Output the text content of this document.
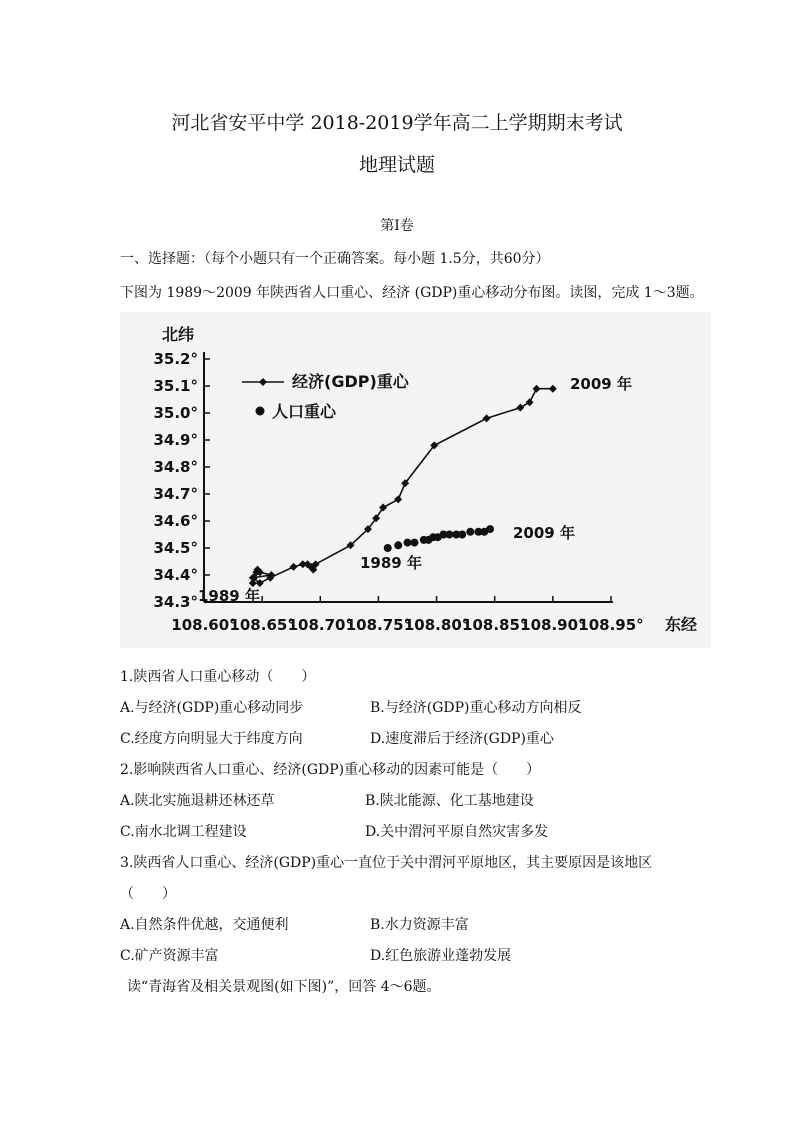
河北省安平中学 2018-2019学年高二上学期期末考试
地理试题
第Ⅰ卷
一、选择题：（每个小题只有一个正确答案。每小题 1.5分，共60分）
下图为 1989～2009 年陕西省人口重心、经济 (GDP)重心移动分布图。读图，完成 1～3题。
108.60°
108.65°
108.70°
108.75°
108.80°
108.85°
108.90°
108.95°
34.3°
34.4°
34.5°
34.6°
34.7°
34.8°
34.9°
35.0°
35.1°
35.2°
北纬
东经
经济(GDP)重心
人口重心
2009 年
1989 年
2009 年
1989 年
1.陕西省人口重心移动（　　）
A.与经济(GDP)重心移动同步	B.与经济(GDP)重心移动方向相反
C.经度方向明显大于纬度方向	D.速度滞后于经济(GDP)重心
2.影响陕西省人口重心、经济(GDP)重心移动的因素可能是（　　）
A.陕北实施退耕还林还草	B.陕北能源、化工基地建设
C.南水北调工程建设	D.关中渭河平原自然灾害多发
3.陕西省人口重心、经济(GDP)重心一直位于关中渭河平原地区，其主要原因是该地区
（　　）
A.自然条件优越，交通便利	B.水力资源丰富
C.矿产资源丰富	D.红色旅游业蓬勃发展
读“青海省及相关景观图(如下图)”，回答 4～6题。
